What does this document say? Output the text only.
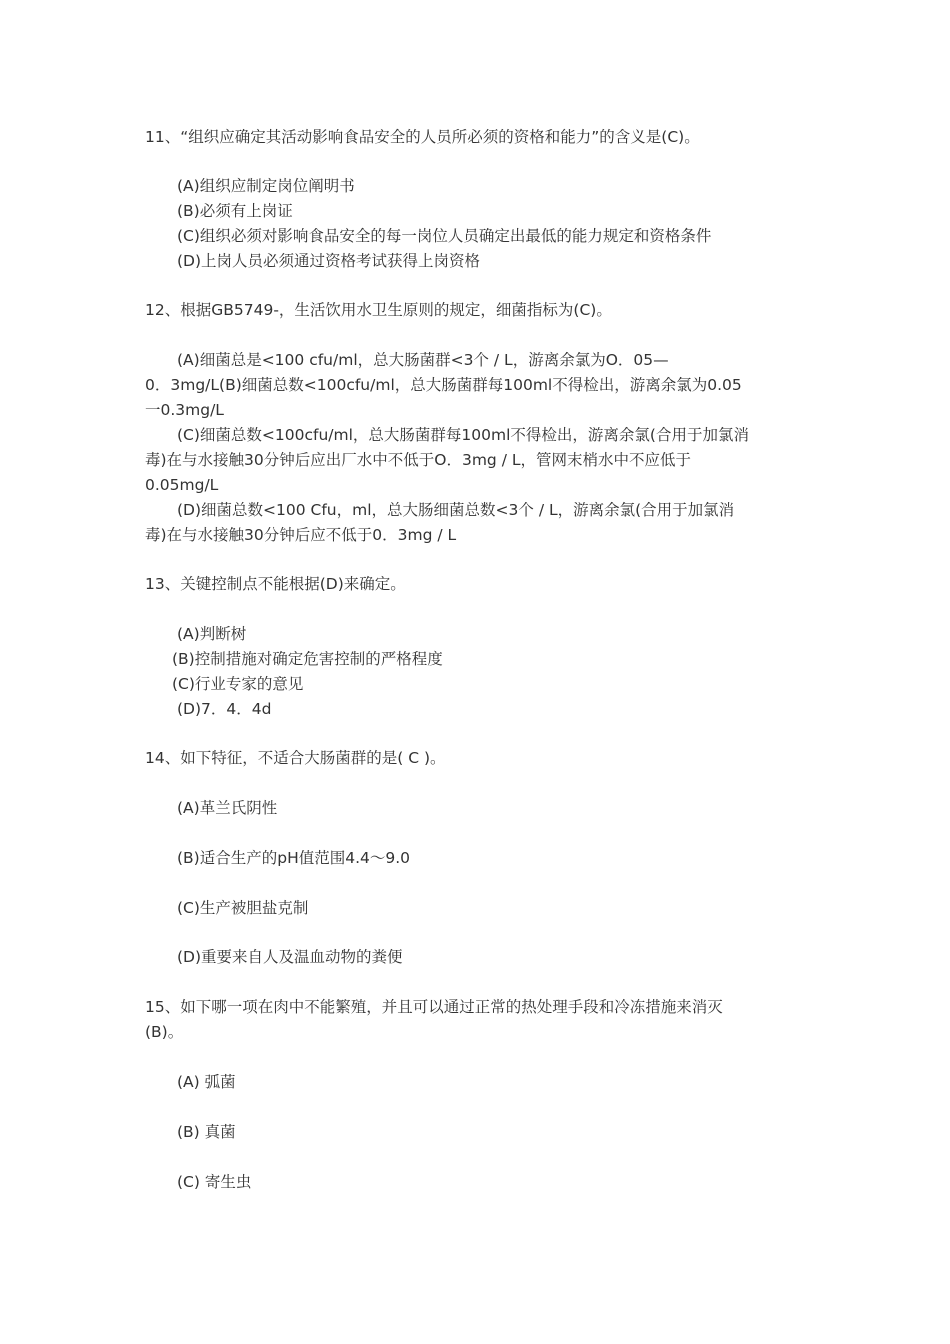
11、“组织应确定其活动影响食品安全的人员所必须的资格和能力”的含义是(C)。
(A)组织应制定岗位阐明书
(B)必须有上岗证
(C)组织必须对影响食品安全的每一岗位人员确定出最低的能力规定和资格条件
(D)上岗人员必须通过资格考试获得上岗资格
12、根据GB5749-，生活饮用水卫生原则的规定，细菌指标为(C)。
(A)细菌总是<100 cfu/ml，总大肠菌群<3个 / L，游离余氯为O．05—
0．3mg/L(B)细菌总数<100cfu/ml，总大肠菌群每100ml不得检出，游离余氯为0.05
一0.3mg/L
(C)细菌总数<100cfu/ml，总大肠菌群每100ml不得检出，游离余氯(合用于加氯消
毒)在与水接触30分钟后应出厂水中不低于O．3mg / L，管网末梢水中不应低于
0.05mg/L
(D)细菌总数<100 Cfu，ml，总大肠细菌总数<3个 / L，游离余氯(合用于加氯消
毒)在与水接触30分钟后应不低于0．3mg / L
13、关键控制点不能根据(D)来确定。
(A)判断树
(B)控制措施对确定危害控制的严格程度
(C)行业专家的意见
(D)7．4．4d
14、如下特征，不适合大肠菌群的是( C )。
(A)革兰氏阴性
(B)适合生产的pH值范围4.4～9.0
(C)生产被胆盐克制
(D)重要来自人及温血动物的粪便
15、如下哪一项在肉中不能繁殖，并且可以通过正常的热处理手段和冷冻措施来消灭
(B)。
(A) 弧菌
(B) 真菌
(C) 寄生虫
